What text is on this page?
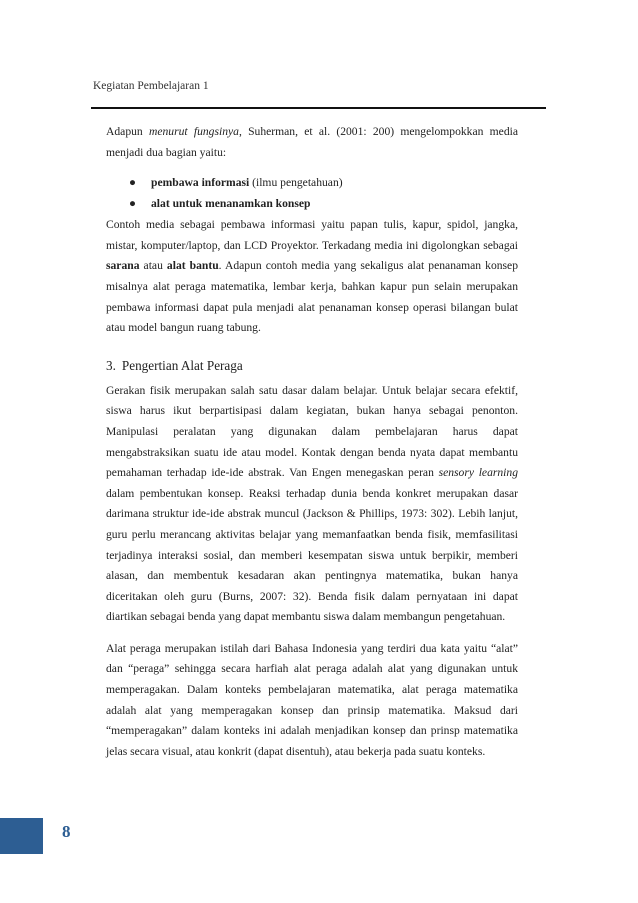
Kegiatan Pembelajaran 1

Adapun menurut fungsinya, Suherman, et al. (2001: 200) mengelompokkan media menjadi dua bagian yaitu:

● pembawa informasi (ilmu pengetahuan)
● alat untuk menanamkan konsep

Contoh media sebagai pembawa informasi yaitu papan tulis, kapur, spidol, jangka, mistar, komputer/laptop, dan LCD Proyektor. Terkadang media ini digolongkan sebagai sarana atau alat bantu. Adapun contoh media yang sekaligus alat penanaman konsep misalnya alat peraga matematika, lembar kerja, bahkan kapur pun selain merupakan pembawa informasi dapat pula menjadi alat penanaman konsep operasi bilangan bulat atau model bangun ruang tabung.

3. Pengertian Alat Peraga

Gerakan fisik merupakan salah satu dasar dalam belajar. Untuk belajar secara efektif, siswa harus ikut berpartisipasi dalam kegiatan, bukan hanya sebagai penonton. Manipulasi peralatan yang digunakan dalam pembelajaran harus dapat mengabstraksikan suatu ide atau model. Kontak dengan benda nyata dapat membantu pemahaman terhadap ide-ide abstrak. Van Engen menegaskan peran sensory learning dalam pembentukan konsep. Reaksi terhadap dunia benda konkret merupakan dasar darimana struktur ide-ide abstrak muncul (Jackson & Phillips, 1973: 302). Lebih lanjut, guru perlu merancang aktivitas belajar yang memanfaatkan benda fisik, memfasilitasi terjadinya interaksi sosial, dan memberi kesempatan siswa untuk berpikir, memberi alasan, dan membentuk kesadaran akan pentingnya matematika, bukan hanya diceritakan oleh guru (Burns, 2007: 32). Benda fisik dalam pernyataan ini dapat diartikan sebagai benda yang dapat membantu siswa dalam membangun pengetahuan.

Alat peraga merupakan istilah dari Bahasa Indonesia yang terdiri dua kata yaitu “alat” dan “peraga” sehingga secara harfiah alat peraga adalah alat yang digunakan untuk memperagakan. Dalam konteks pembelajaran matematika, alat peraga matematika adalah alat yang memperagakan konsep dan prinsip matematika. Maksud dari “memperagakan” dalam konteks ini adalah menjadikan konsep dan prinsp matematika jelas secara visual, atau konkrit (dapat disentuh), atau bekerja pada suatu konteks.

8
